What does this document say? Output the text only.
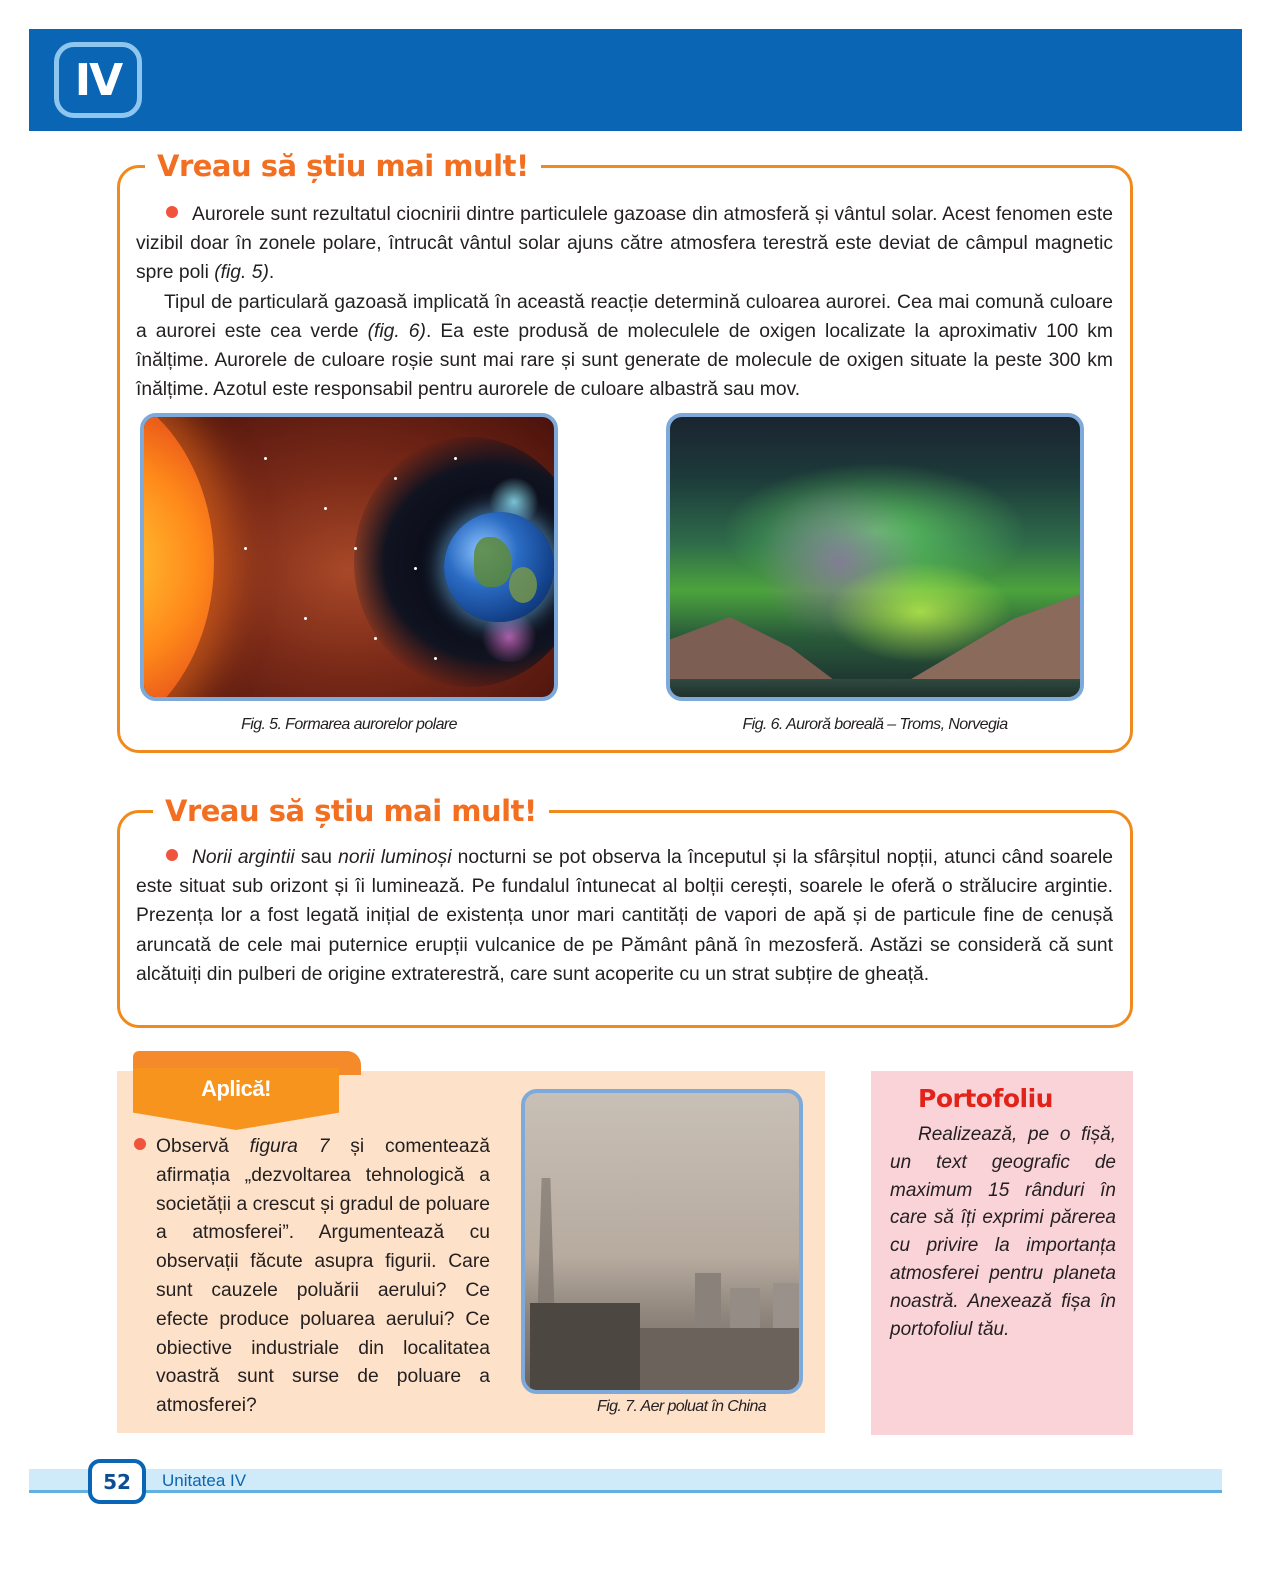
IV
Vreau să știu mai mult!

Aurorele sunt rezultatul ciocnirii dintre particulele gazoase din atmosferă și vântul solar. Acest fenomen este vizibil doar în zonele polare, întrucât vântul solar ajuns către atmosfera terestră este deviat de câmpul magnetic spre poli (fig. 5).

Tipul de particulară gazoasă implicată în această reacție determină culoarea aurorei. Cea mai comună culoare a aurorei este cea verde (fig. 6). Ea este produsă de moleculele de oxigen localizate la aproximativ 100 km înălțime. Aurorele de culoare roșie sunt mai rare și sunt generate de molecule de oxigen situate la peste 300 km înălțime. Azotul este responsabil pentru aurorele de culoare albastră sau mov.

Fig. 5. Formarea aurorelor polare	Fig. 6. Auroră boreală – Troms, Norvegia
Vreau să știu mai mult!

Norii argintii sau norii luminoși nocturni se pot observa la începutul și la sfârșitul nopții, atunci când soarele este situat sub orizont și îi luminează. Pe fundalul întunecat al bolții cerești, soarele le oferă o strălucire argintie. Prezența lor a fost legată inițial de existența unor mari cantități de vapori de apă și de particule fine de cenușă aruncată de cele mai puternice erupții vulcanice de pe Pământ până în mezosferă. Astăzi se consideră că sunt alcătuiți din pulberi de origine extraterestră, care sunt acoperite cu un strat subțire de gheață.

Aplică!

Observă figura 7 și comentează afirmația „dezvoltarea tehnologică a societății a crescut și gradul de poluare a atmosferei”. Argumentează cu observații făcute asupra figurii. Care sunt cauzele poluării aerului? Ce efecte produce poluarea aerului? Ce obiective industriale din localitatea voastră sunt surse de poluare a atmosferei?	Fig. 7. Aer poluat în China
Portofoliu
Realizează, pe o fișă, un text geografic de maximum 15 rânduri în care să îți exprimi părerea cu privire la importanța atmosferei pentru planeta noastră. Anexează fișa în portofoliul tău.
52	Unitatea IV
